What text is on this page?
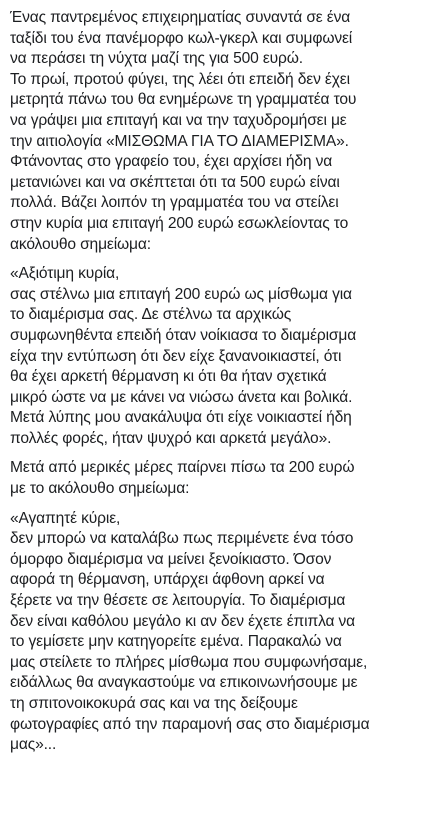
Ένας παντρεμένος επιχειρηματίας συναντά σε ένα
ταξίδι του ένα πανέμορφο κωλ-γκερλ και συμφωνεί
να περάσει τη νύχτα μαζί της για 500 ευρώ.
Το πρωί, προτού φύγει, της λέει ότι επειδή δεν έχει
μετρητά πάνω του θα ενημέρωνε τη γραμματέα του
να γράψει μια επιταγή και να την ταχυδρομήσει με
την αιτιολογία «ΜΙΣΘΩΜΑ ΓΙΑ ΤΟ ΔΙΑΜΕΡΙΣΜΑ».
Φτάνοντας στο γραφείο του, έχει αρχίσει ήδη να
μετανιώνει και να σκέπτεται ότι τα 500 ευρώ είναι
πολλά. Βάζει λοιπόν τη γραμματέα του να στείλει
στην κυρία μια επιταγή 200 ευρώ εσωκλείοντας το
ακόλουθο σημείωμα:

«Αξιότιμη κυρία,
σας στέλνω μια επιταγή 200 ευρώ ως μίσθωμα για
το διαμέρισμα σας. Δε στέλνω τα αρχικώς
συμφωνηθέντα επειδή όταν νοίκιασα το διαμέρισμα
είχα την εντύπωση ότι δεν είχε ξανανοικιαστεί, ότι
θα έχει αρκετή θέρμανση κι ότι θα ήταν σχετικά
μικρό ώστε να με κάνει να νιώσω άνετα και βολικά.
Μετά λύπης μου ανακάλυψα ότι είχε νοικιαστεί ήδη
πολλές φορές, ήταν ψυχρό και αρκετά μεγάλο».

Μετά από μερικές μέρες παίρνει πίσω τα 200 ευρώ
με το ακόλουθο σημείωμα:

«Αγαπητέ κύριε,
δεν μπορώ να καταλάβω πως περιμένετε ένα τόσο
όμορφο διαμέρισμα να μείνει ξενοίκιαστο. Όσον
αφορά τη θέρμανση, υπάρχει άφθονη αρκεί να
ξέρετε να την θέσετε σε λειτουργία. Το διαμέρισμα
δεν είναι καθόλου μεγάλο κι αν δεν έχετε έπιπλα να
το γεμίσετε μην κατηγορείτε εμένα. Παρακαλώ να
μας στείλετε το πλήρες μίσθωμα που συμφωνήσαμε,
ειδάλλως θα αναγκαστούμε να επικοινωνήσουμε με
τη σπιτονοικοκυρά σας και να της δείξουμε
φωτογραφίες από την παραμονή σας στο διαμέρισμα
μας»...
